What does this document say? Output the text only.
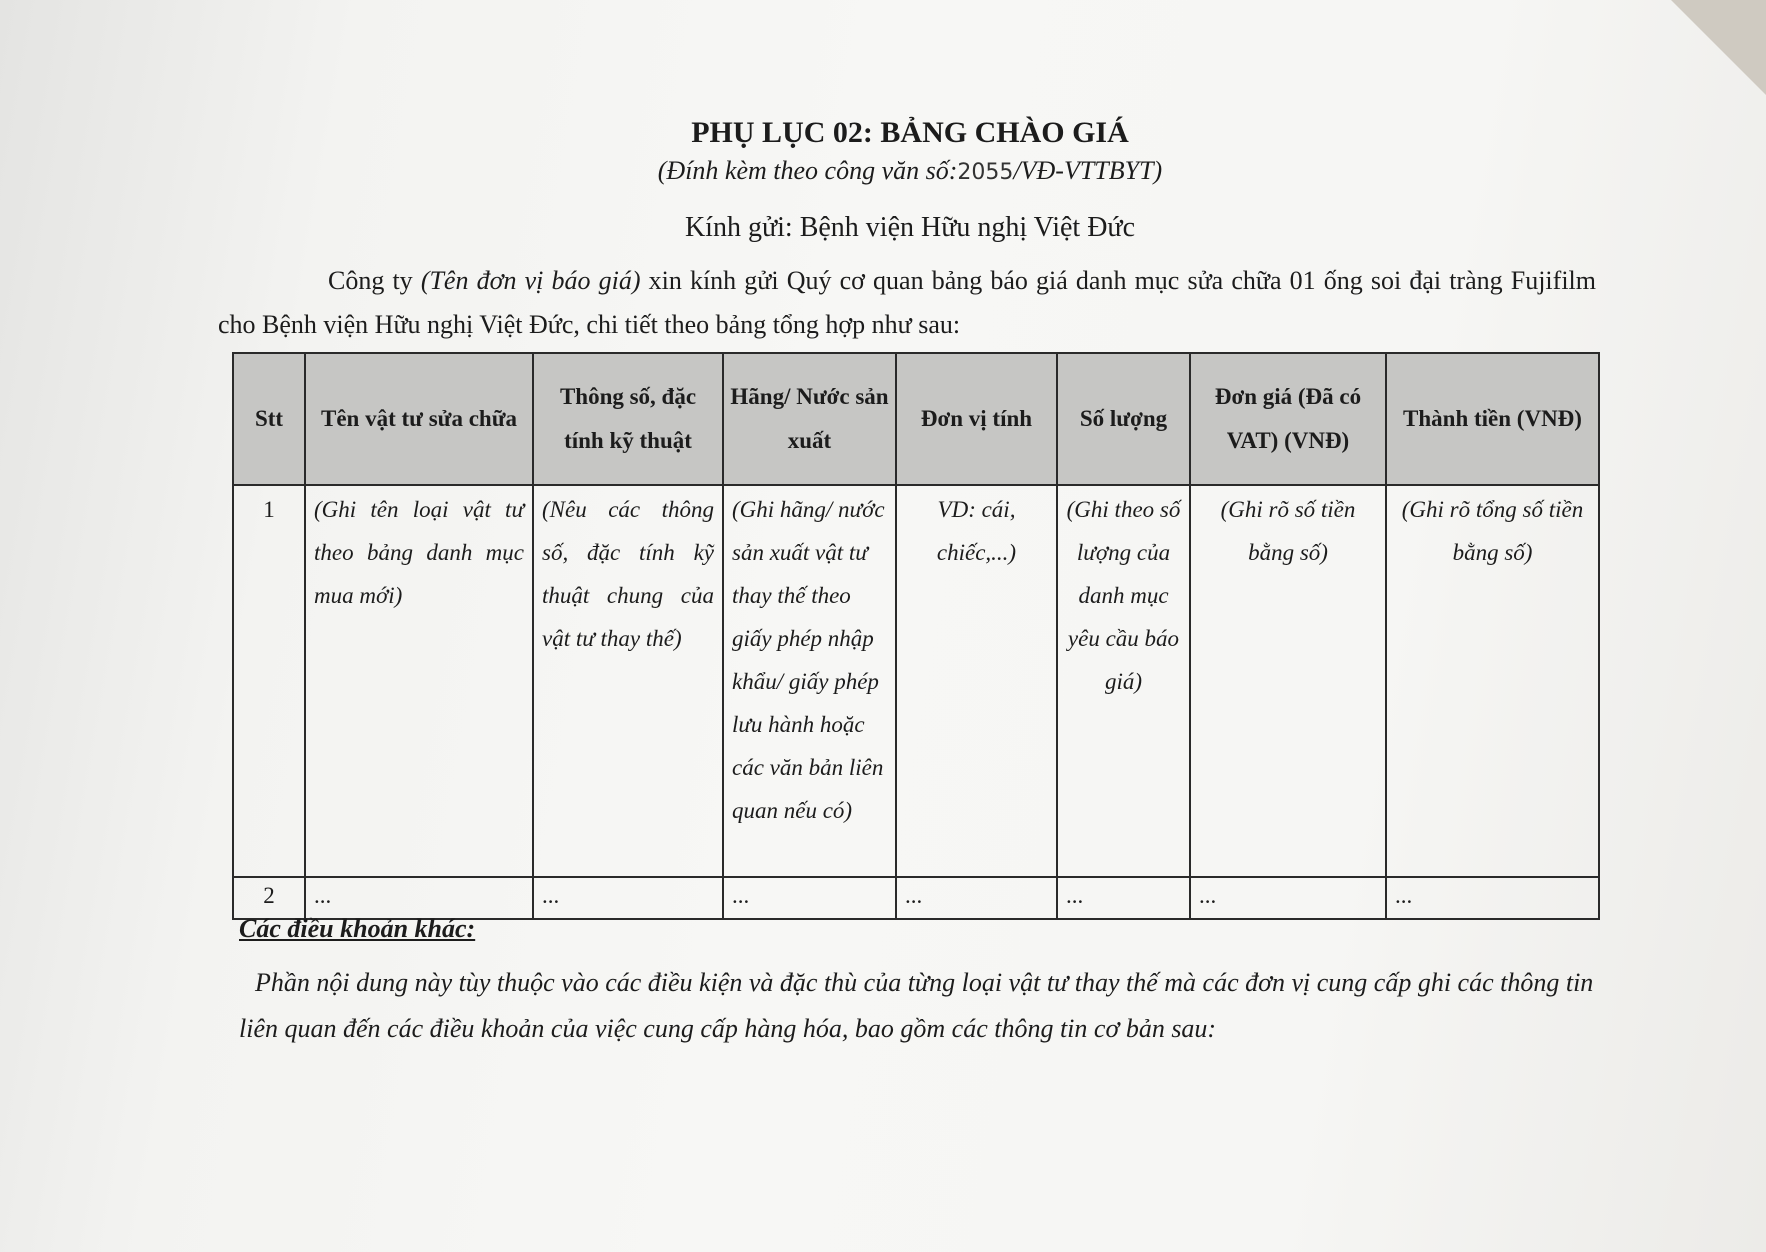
PHỤ LỤC 02: BẢNG CHÀO GIÁ
(Đính kèm theo công văn số:2055/VĐ-VTTBYT)
Kính gửi: Bệnh viện Hữu nghị Việt Đức
Công ty (Tên đơn vị báo giá) xin kính gửi Quý cơ quan bảng báo giá danh mục sửa chữa 01 ống soi đại tràng Fujifilm cho Bệnh viện Hữu nghị Việt Đức, chi tiết theo bảng tổng hợp như sau:
Stt	Tên vật tư sửa chữa	Thông số, đặc tính kỹ thuật	Hãng/ Nước sản xuất	Đơn vị tính	Số lượng	Đơn giá (Đã có VAT) (VNĐ)	Thành tiền (VNĐ)
1	(Ghi tên loại vật tư theo bảng danh mục mua mới)	(Nêu các thông số, đặc tính kỹ thuật chung của vật tư thay thế)	(Ghi hãng/ nước sản xuất vật tư thay thế theo giấy phép nhập khẩu/ giấy phép lưu hành hoặc các văn bản liên quan nếu có)	VD: cái, chiếc,...)	(Ghi theo số lượng của danh mục yêu cầu báo giá)	(Ghi rõ số tiền bằng số)	(Ghi rõ tổng số tiền bằng số)
2	...	...	...	...	...	...	...
Các điều khoản khác:
Phần nội dung này tùy thuộc vào các điều kiện và đặc thù của từng loại vật tư thay thế mà các đơn vị cung cấp ghi các thông tin liên quan đến các điều khoản của việc cung cấp hàng hóa, bao gồm các thông tin cơ bản sau:
